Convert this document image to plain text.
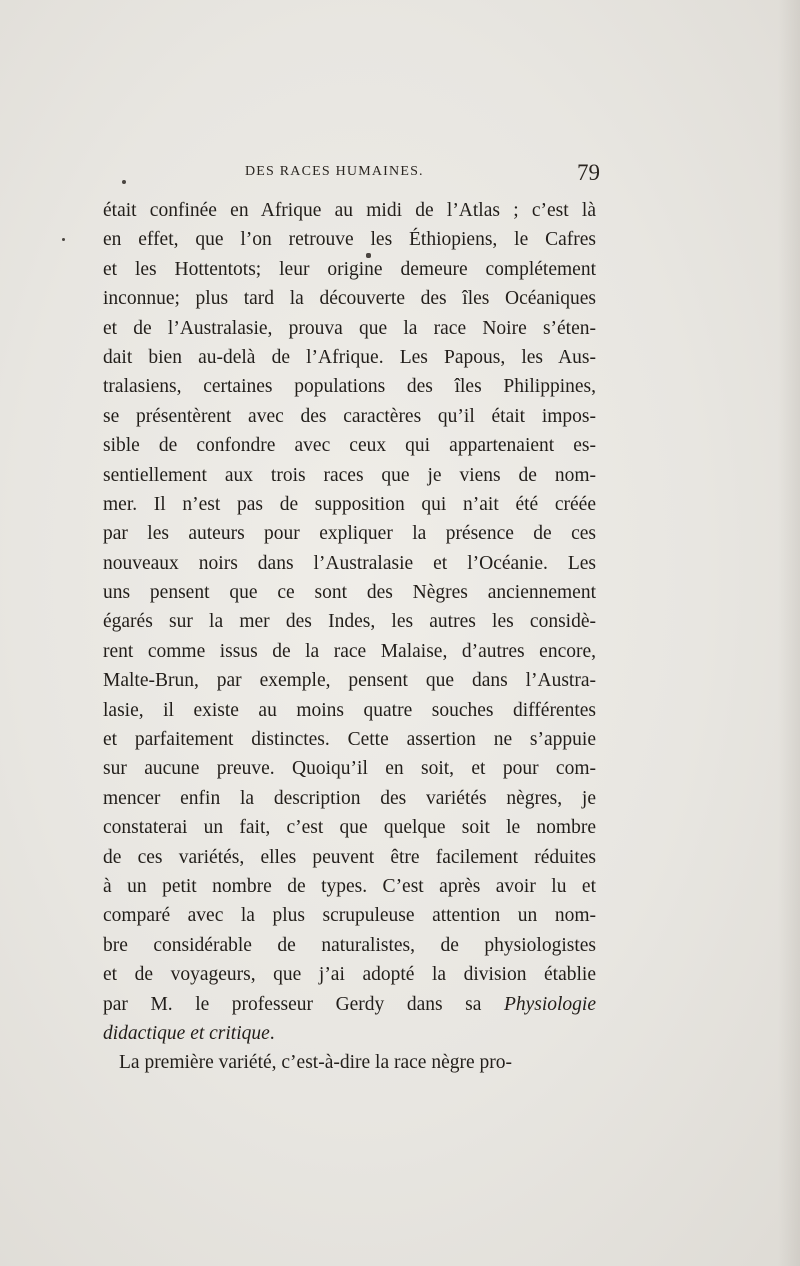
DES RACES HUMAINES.	79
était confinée en Afrique au midi de l’Atlas ; c’est là
en effet, que l’on retrouve les Éthiopiens, le Cafres
et les Hottentots; leur origine demeure complétement
inconnue; plus tard la découverte des îles Océaniques
et de l’Australasie, prouva que la race Noire s’éten-
dait bien au-delà de l’Afrique. Les Papous, les Aus-
tralasiens, certaines populations des îles Philippines,
se présentèrent avec des caractères qu’il était impos-
sible de confondre avec ceux qui appartenaient es-
sentiellement aux trois races que je viens de nom-
mer. Il n’est pas de supposition qui n’ait été créée
par les auteurs pour expliquer la présence de ces
nouveaux noirs dans l’Australasie et l’Océanie. Les
uns pensent que ce sont des Nègres anciennement
égarés sur la mer des Indes, les autres les considè-
rent comme issus de la race Malaise, d’autres encore,
Malte-Brun, par exemple, pensent que dans l’Austra-
lasie, il existe au moins quatre souches différentes
et parfaitement distinctes. Cette assertion ne s’appuie
sur aucune preuve. Quoiqu’il en soit, et pour com-
mencer enfin la description des variétés nègres, je
constaterai un fait, c’est que quelque soit le nombre
de ces variétés, elles peuvent être facilement réduites
à un petit nombre de types. C’est après avoir lu et
comparé avec la plus scrupuleuse attention un nom-
bre considérable de naturalistes, de physiologistes
et de voyageurs, que j’ai adopté la division établie
par M. le professeur Gerdy dans sa Physiologie
didactique et critique.
La première variété, c’est-à-dire la race nègre pro-
